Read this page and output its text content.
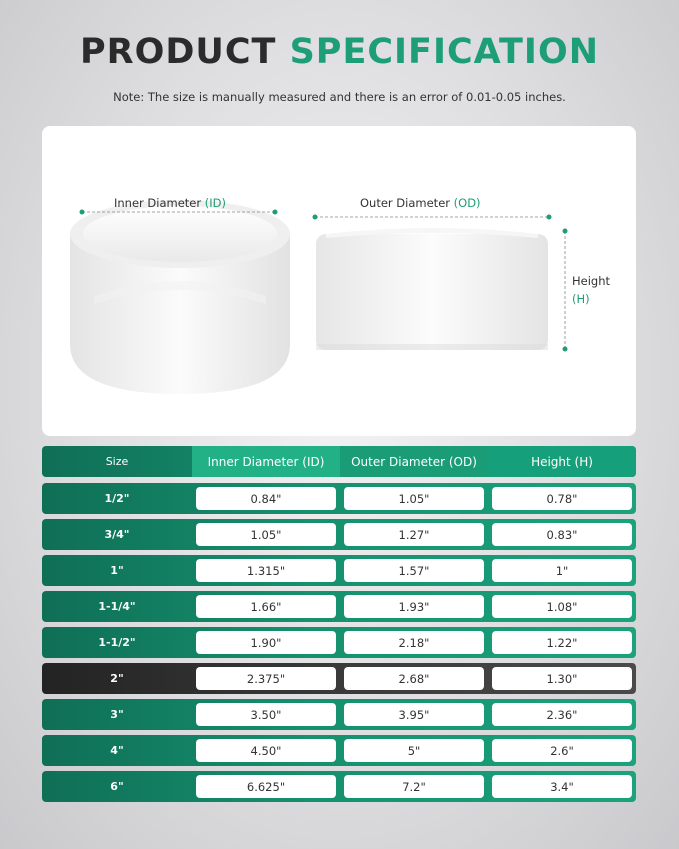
PRODUCT SPECIFICATION
Note: The size is manually measured and there is an error of 0.01-0.05 inches.
Inner Diameter (ID)	Outer Diameter (OD)
Height
(H)
Size	Inner Diameter (ID)	Outer Diameter (OD)	Height (H)
1/2"	0.84"	1.05"	0.78"
3/4"	1.05"	1.27"	0.83"
1"	1.315"	1.57"	1"
1-1/4"	1.66"	1.93"	1.08"
1-1/2"	1.90"	2.18"	1.22"
2"	2.375"	2.68"	1.30"
3"	3.50"	3.95"	2.36"
4"	4.50"	5"	2.6"
6"	6.625"	7.2"	3.4"
